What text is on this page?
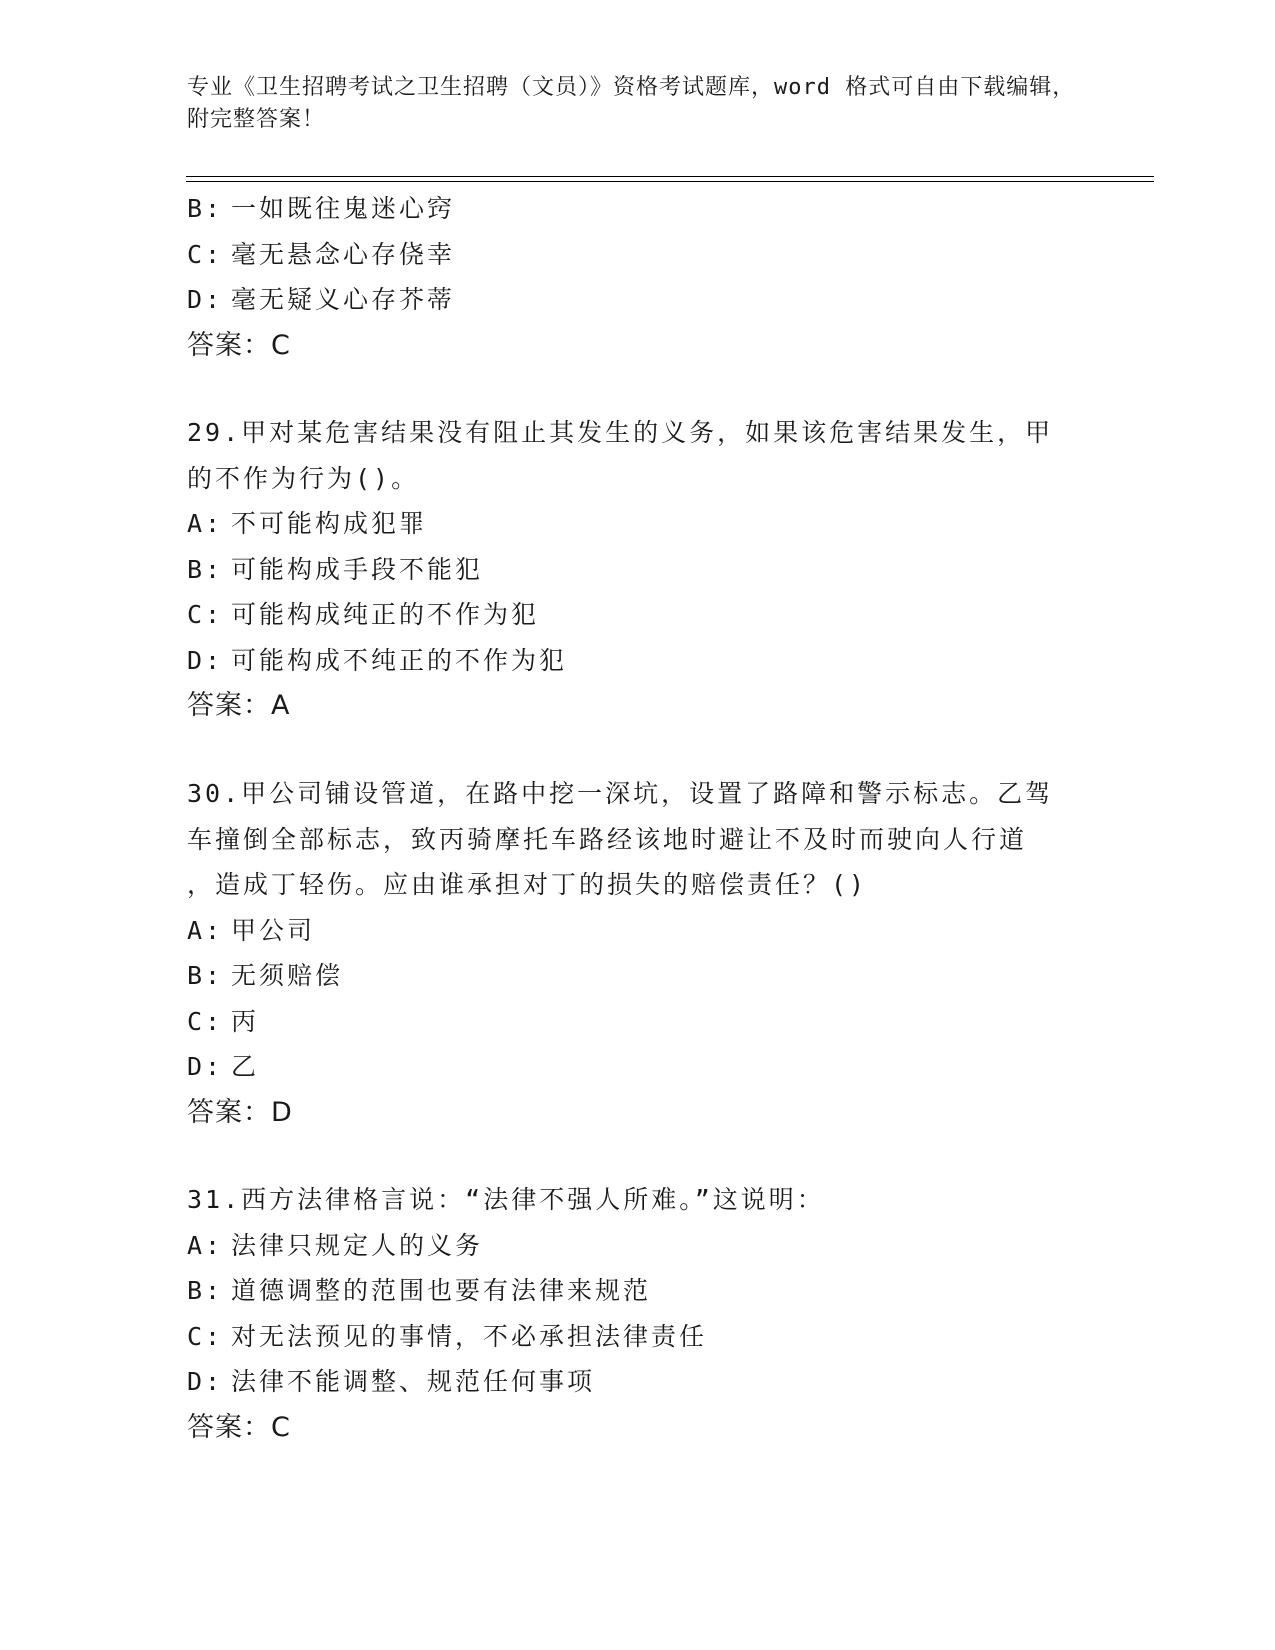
专业《卫生招聘考试之卫生招聘（文员）》资格考试题库，word 格式可自由下载编辑，附完整答案！
B: 一如既往鬼迷心窍
C: 毫无悬念心存侥幸
D: 毫无疑义心存芥蒂
答案：C
29.甲对某危害结果没有阻止其发生的义务，如果该危害结果发生，甲
的不作为行为()。
A: 不可能构成犯罪
B: 可能构成手段不能犯
C: 可能构成纯正的不作为犯
D: 可能构成不纯正的不作为犯
答案：A
30.甲公司铺设管道，在路中挖一深坑，设置了路障和警示标志。乙驾
车撞倒全部标志，致丙骑摩托车路经该地时避让不及时而驶向人行道
，造成丁轻伤。应由谁承担对丁的损失的赔偿责任？()
A: 甲公司
B: 无须赔偿
C: 丙
D: 乙
答案：D
31.西方法律格言说：“法律不强人所难。”这说明：
A: 法律只规定人的义务
B: 道德调整的范围也要有法律来规范
C: 对无法预见的事情，不必承担法律责任
D: 法律不能调整、规范任何事项
答案：C
